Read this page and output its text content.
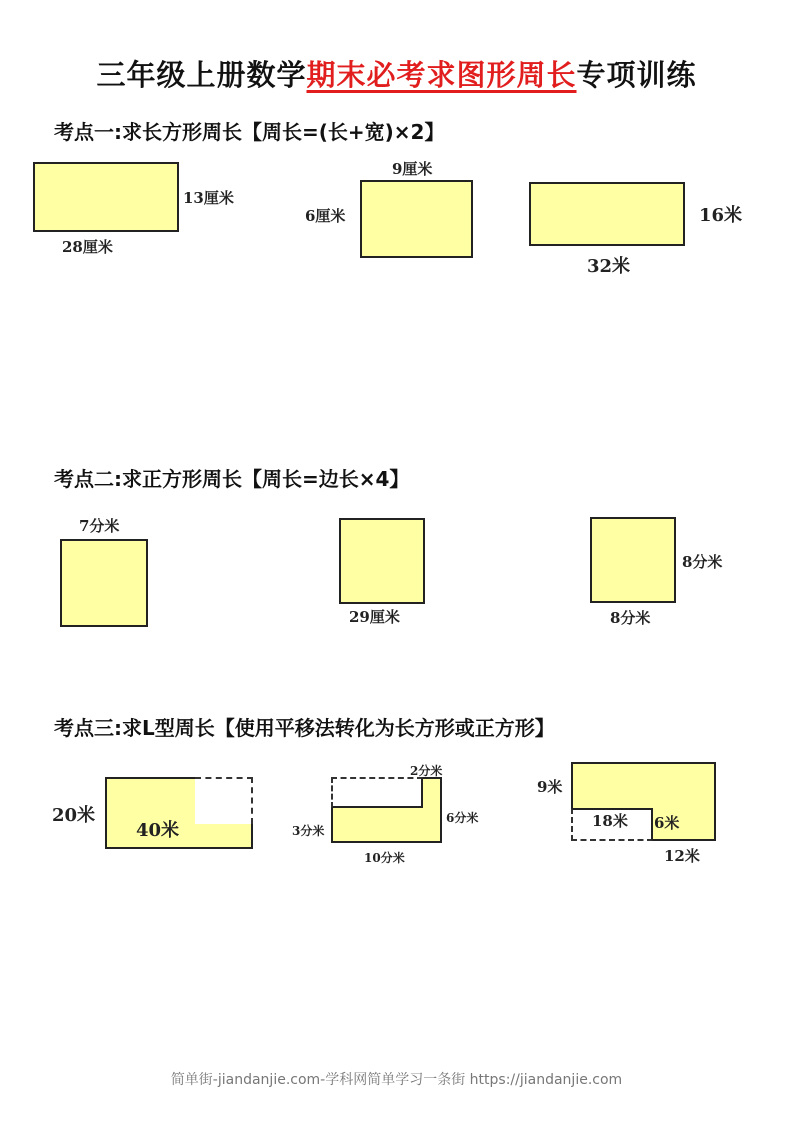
三年级上册数学期末必考求图形周长专项训练
考点一:求长方形周长【周长=(长+宽)×2】
13厘米
28厘米
9厘米
6厘米	16米
32米
考点二:求正方形周长【周长=边长×4】
7分米
29厘米
8分米
8分米
考点三:求L型周长【使用平移法转化为长方形或正方形】
20米
40米
2分米
3分米
6分米
10分米
9米
18米 6米
12米
简单街-jiandanjie.com-学科网简单学习一条街 https://jiandanjie.com
